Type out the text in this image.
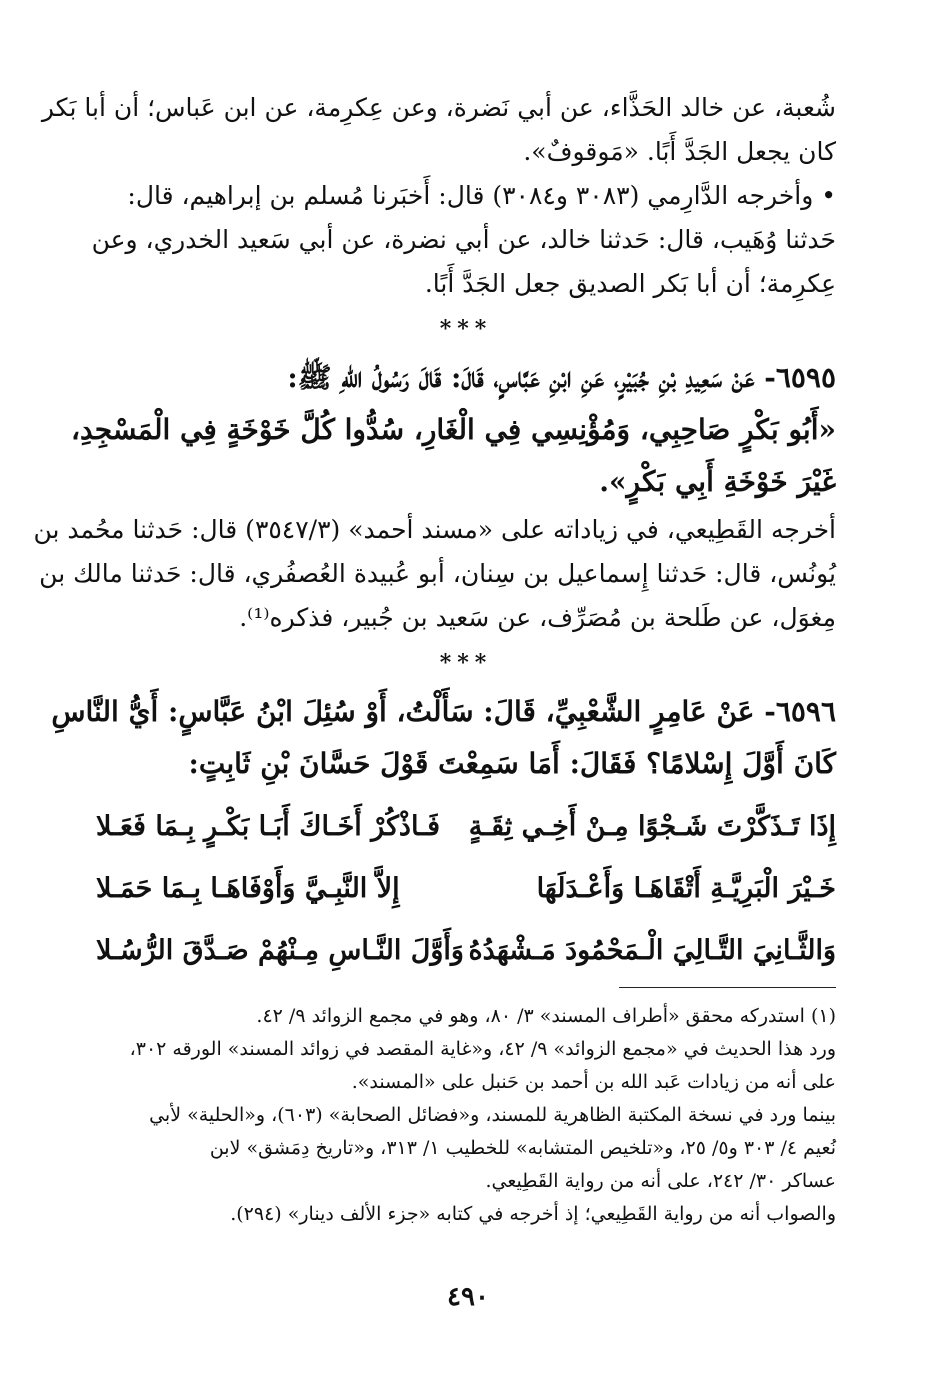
شُعبة، عن خالد الحَذَّاء، عن أبي نَضرة، وعن عِكرِمة، عن ابن عَباس؛ أن أبا بَكر
كان يجعل الجَدَّ أَبًا. «مَوقوفٌ».

• وأخرجه الدَّارِمي (٣٠٨٣ و٣٠٨٤) قال: أَخبَرنا مُسلم بن إبراهيم، قال:
حَدثنا وُهَيب، قال: حَدثنا خالد، عن أبي نضرة، عن أبي سَعيد الخدري، وعن
عِكرِمة؛ أن أبا بَكر الصديق جعل الجَدَّ أَبًا.

***

٦٥٩٥- عَنْ سَعِيدِ بْنِ جُبَيْرٍ، عَنِ ابْنِ عَبَّاسٍ، قَالَ: قَالَ رَسُولُ اللهِ ﷺ:
«أَبُو بَكْرٍ صَاحِبِي، وَمُؤْنِسِي فِي الْغَارِ، سُدُّوا كُلَّ خَوْخَةٍ فِي الْمَسْجِدِ،
غَيْرَ خَوْخَةِ أَبِي بَكْرٍ».

أخرجه القَطِيعي، في زياداته على «مسند أحمد» (٣٥٤٧/٣) قال: حَدثنا محُمد بن
يُونُس، قال: حَدثنا إِسماعيل بن سِنان، أبو عُبيدة العُصفُري، قال: حَدثنا مالك بن
مِغوَل، عن طَلحة بن مُصَرِّف، عن سَعيد بن جُبير، فذكره⁽¹⁾.

***

٦٥٩٦- عَنْ عَامِرٍ الشَّعْبِيِّ، قَالَ: سَأَلْتُ، أَوْ سُئِلَ ابْنُ عَبَّاسٍ: أَيُّ النَّاسِ
كَانَ أَوَّلَ إِسْلامًا؟ فَقَالَ: أَمَا سَمِعْتَ قَوْلَ حَسَّانَ بْنِ ثَابِتٍ:

إِذَا تَـذَكَّرْتَ شَـجْوًا مِـنْ أَخِـي ثِقَـةٍ
فَـاذْكُرْ أَخَـاكَ أَبَـا بَكْـرٍ بِـمَا فَعَـلا
خَـيْرَ الْبَرِيَّـةِ أَتْقَاهَـا وَأَعْـدَلَهَا
إِلاَّ النَّبِـيَّ وَأَوْفَاهَـا بِـمَا حَمَـلا
وَالثَّـانِيَ التَّـالِيَ الْـمَحْمُودَ مَـشْهَدُهُ
وَأَوَّلَ النَّـاسِ مِـنْهُمْ صَـدَّقَ الرُّسُـلا
(١) استدركه محقق «أطراف المسند» ٣/ ٨٠، وهو في مجمع الزوائد ٩/ ٤٢.
ورد هذا الحديث في «مجمع الزوائد» ٩/ ٤٢، و«غاية المقصد في زوائد المسند» الورقه ٣٠٢،
على أنه من زيادات عَبد الله بن أحمد بن حَنبل على «المسند».
بينما ورد في نسخة المكتبة الظاهرية للمسند، و«فضائل الصحابة» (٦٠٣)، و«الحلية» لأبي
نُعيم ٤/ ٣٠٣ و٥/ ٢٥، و«تلخيص المتشابه» للخطيب ١/ ٣١٣، و«تاريخ دِمَشق» لابن
عساكر ٣٠/ ٢٤٢، على أنه من رواية القَطِيعي.
والصواب أنه من رواية القَطِيعي؛ إذ أخرجه في كتابه «جزء الألف دينار» (٢٩٤).
٤٩٠
